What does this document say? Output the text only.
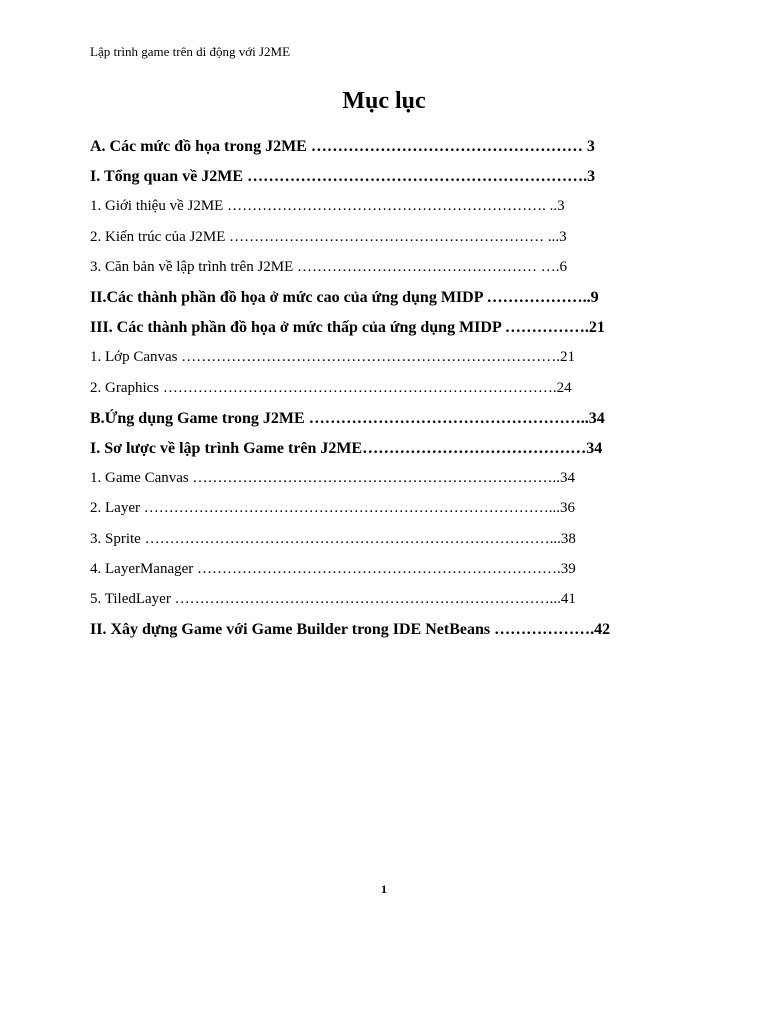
Lập trình game trên di động với J2ME
Mục lục
A. Các mức đồ họa trong J2ME …………………………………………… 3
I. Tổng quan về J2ME ……………………………………………………….3
1. Giới thiệu về J2ME ………………………………………………………. ..3
2. Kiến trúc của J2ME ……………………………………………………… ...3
3. Căn bản về lập trình trên J2ME ………………………………………… ….6
II.Các thành phần đồ họa ở mức cao của ứng dụng MIDP ………………..9
III. Các thành phần đồ họa ở mức thấp của ứng dụng MIDP …………….21
1. Lớp Canvas ………………………………………………………………….21
2. Graphics …………………………………………………………………….24
B.Ứng dụng Game trong J2ME ……………………………………………..34
I. Sơ lược về lập trình Game trên J2ME……………………………………34
1. Game Canvas ………………………………………………………………..34
2. Layer ………………………………………………………………………...36
3. Sprite ………………………………………………………………………...38
4. LayerManager ……………………………………………………………….39
5. TiledLayer …………………………………………………………………...41
II. Xây dựng Game với Game Builder trong IDE NetBeans ……………….42
1
